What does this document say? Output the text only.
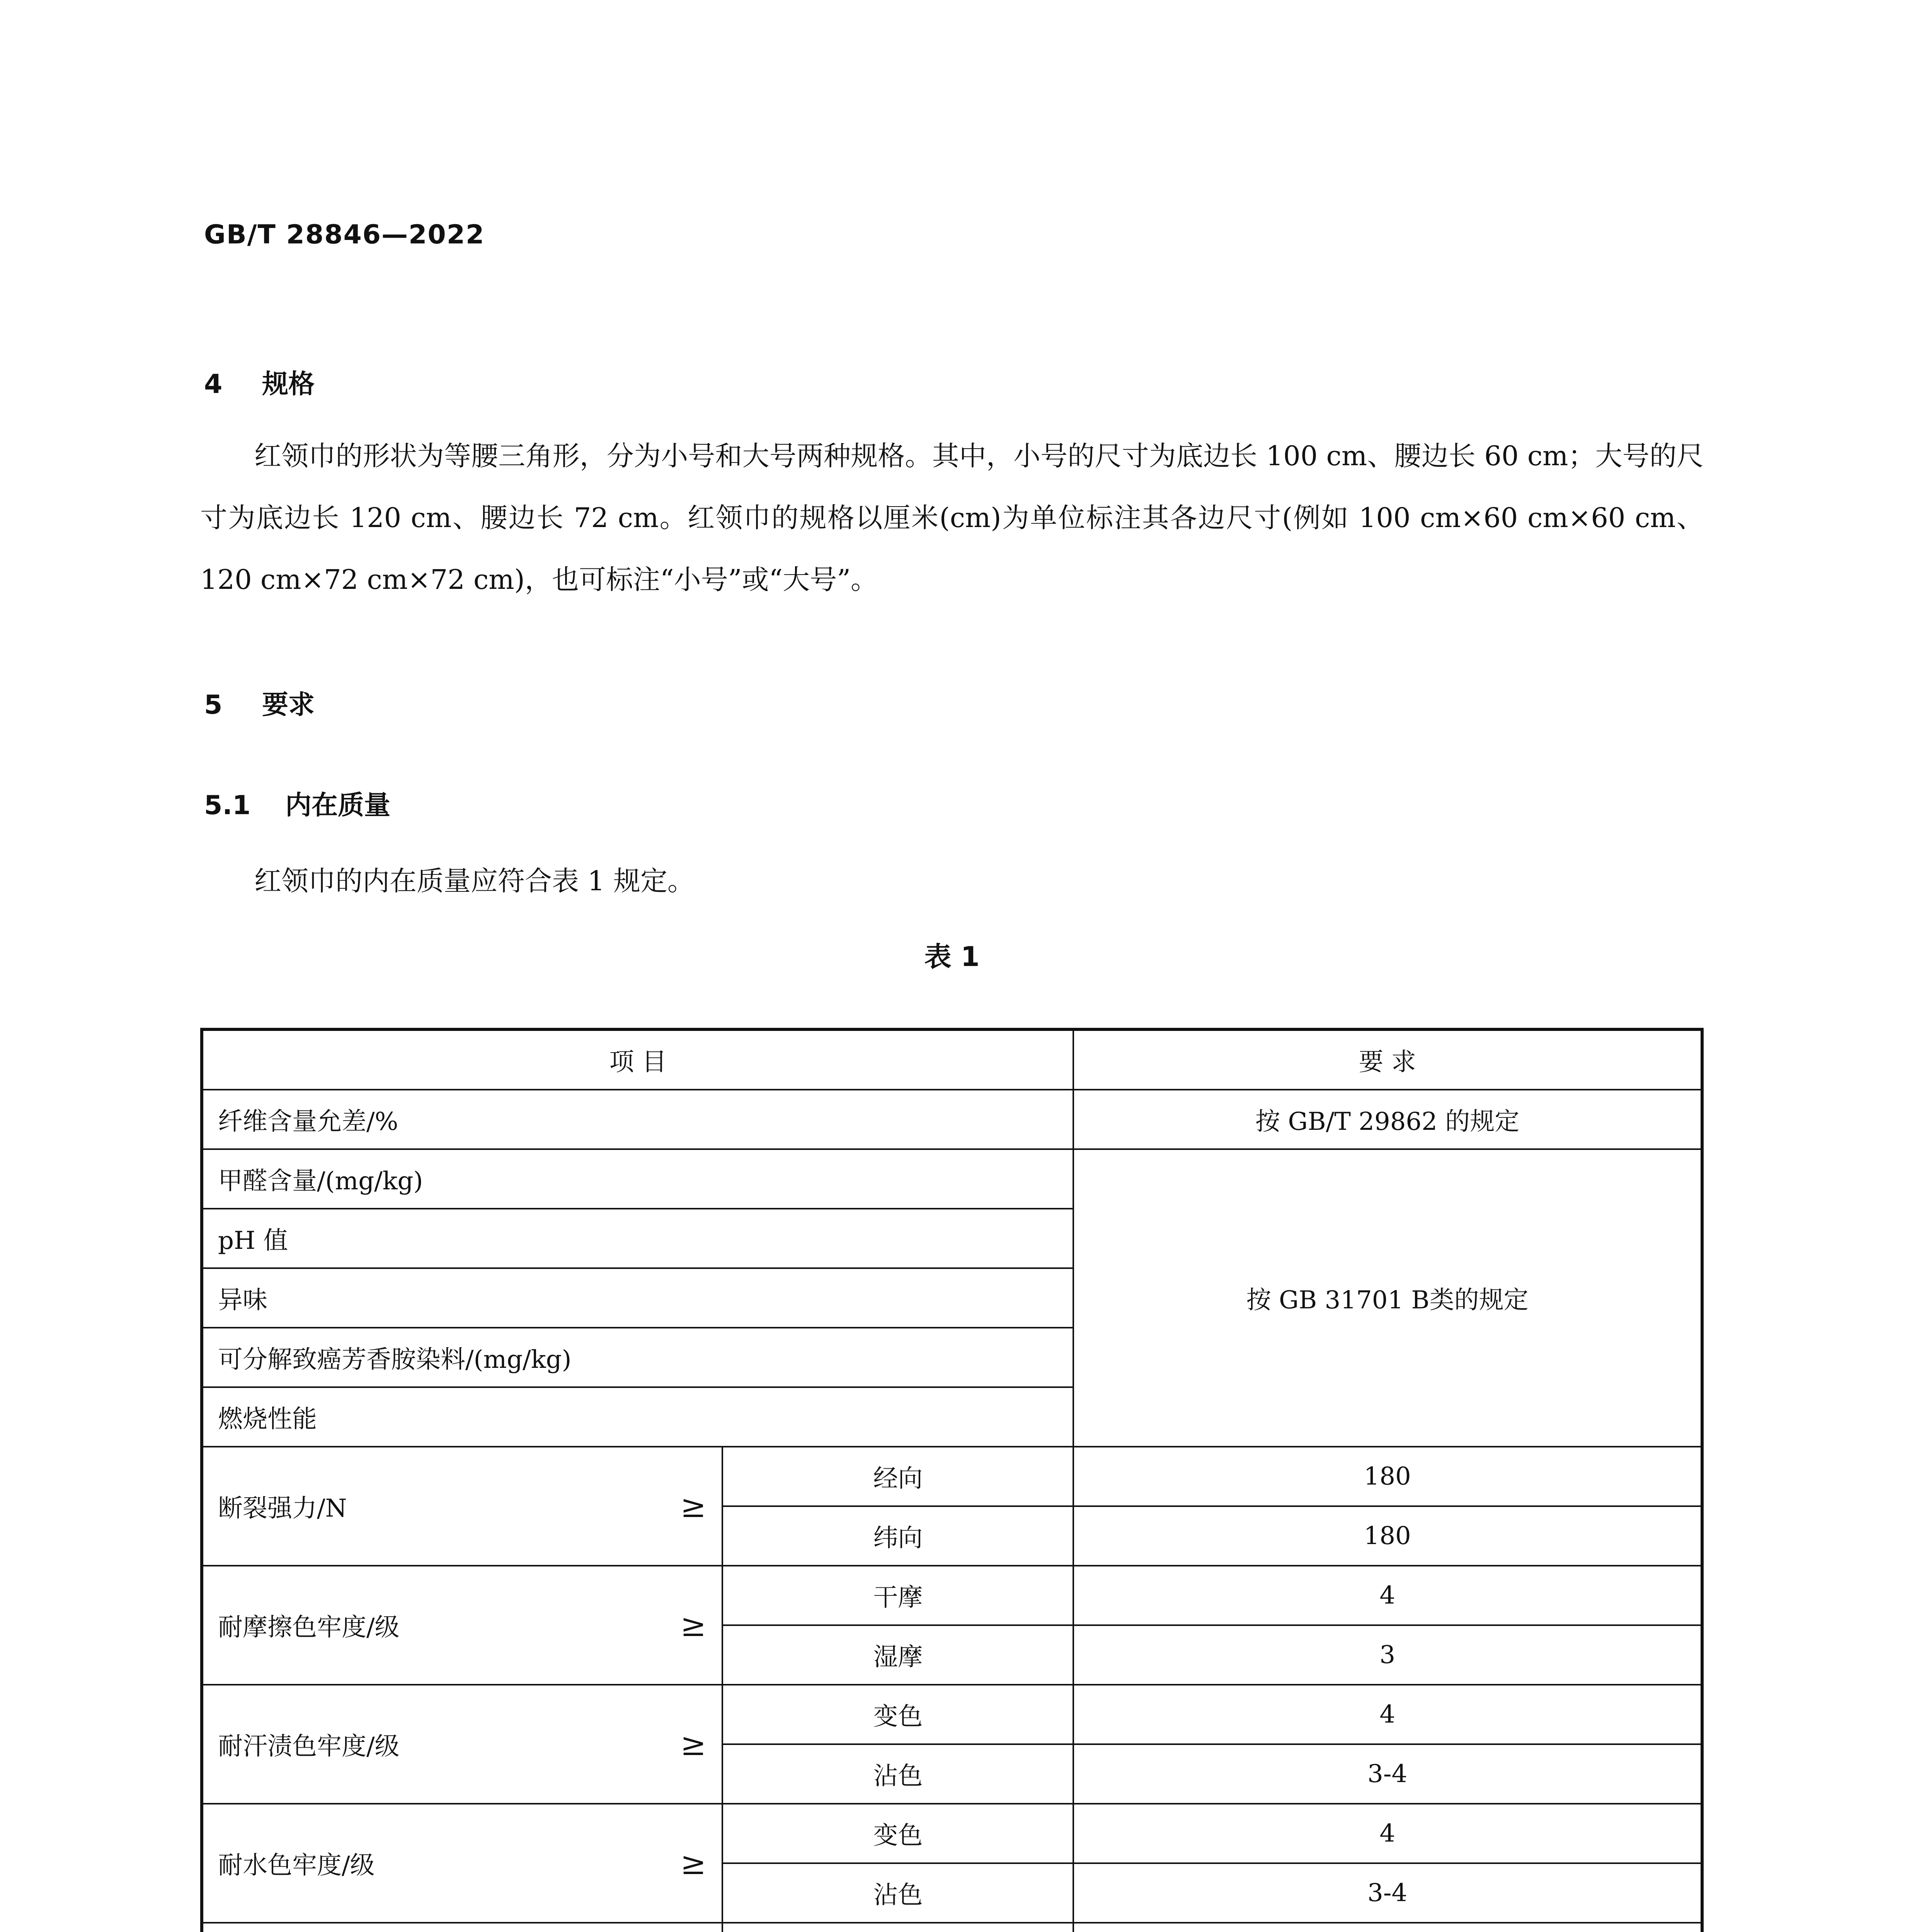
GB/T 28846—2022
4 规格

红领巾的形状为等腰三角形，分为小号和大号两种规格。其中，小号的尺寸为底边长 100 cm、腰边长 60 cm；大号的尺寸为底边长 120 cm、腰边长 72 cm。红领巾的规格以厘米(cm)为单位标注其各边尺寸(例如 100 cm×60 cm×60 cm、120 cm×72 cm×72 cm)，也可标注“小号”或“大号”。

5 要求
5.1 内在质量

红领巾的内在质量应符合表 1 规定。

表 1
项 目		要 求
纤维含量允差/%		按 GB/T 29862 的规定
甲醛含量/(mg/kg)		按 GB 31701 B类的规定
pH 值		
异味		
可分解致癌芳香胺染料/(mg/kg)		
燃烧性能		
断裂强力/N ≥	经向	180
	纬向	180
耐摩擦色牢度/级 ≥	干摩	4
	湿摩	3
耐汗渍色牢度/级 ≥	变色	4
	沾色	3-4
耐水色牢度/级 ≥	变色	4
	沾色	3-4
